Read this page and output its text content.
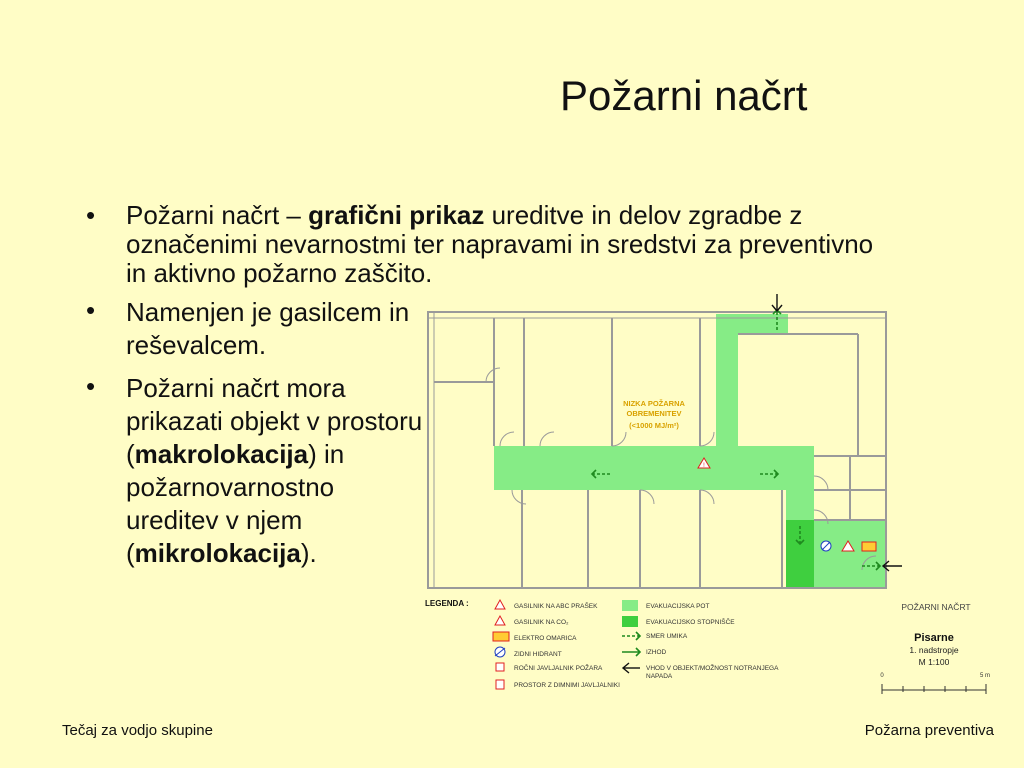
Požarni načrt
• Požarni načrt – grafični prikaz ureditve in delov zgradbe z označenimi nevarnostmi ter napravami in sredstvi za preventivno in aktivno požarno zaščito.
• Namenjen je gasilcem in reševalcem.
• Požarni načrt mora prikazati objekt v prostoru (makrolokacija) in požarnovarnostno ureditev v njem (mikrolokacija).
NIZKA POŽARNA
OBREMENITEV
(<1000 MJ/m²)
!
LEGENDA :	GASILNIK NA ABC PRAŠEK
GASILNIK NA CO₂
ELEKTRO OMARICA
ZIDNI HIDRANT
ROČNI JAVLJALNIK POŽARA
PROSTOR Z DIMNIMI JAVLJALNIKI
EVAKUACIJSKA POT
EVAKUACIJSKO STOPNIŠČE
SMER UMIKA
IZHOD
VHOD V OBJEKT/MOŽNOST NOTRANJEGA
NAPADA
POŽARNI NAČRT
Pisarne
1. nadstropje
M 1:100
0	5 m
Tečaj za vodjo skupine	Požarna preventiva
